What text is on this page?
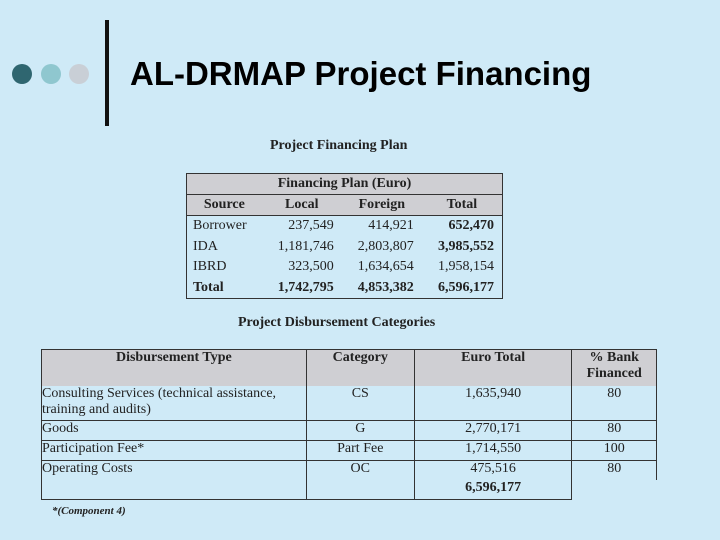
AL-DRMAP Project Financing
Project Financing Plan
Financing Plan (Euro)			
Source	Local	Foreign	Total
Borrower	237,549	414,921	652,470
IDA	1,181,746	2,803,807	3,985,552
IBRD	323,500	1,634,654	1,958,154
Total	1,742,795	4,853,382	6,596,177
Project Disbursement Categories
Disbursement Type	Category	Euro Total	% Bank Financed
Consulting Services (technical assistance, training and audits)	CS	1,635,940	80
Goods	G	2,770,171	80
Participation Fee*	Part Fee	1,714,550	100
Operating Costs	OC	475,516	80
		6,596,177	
*(Component 4)
